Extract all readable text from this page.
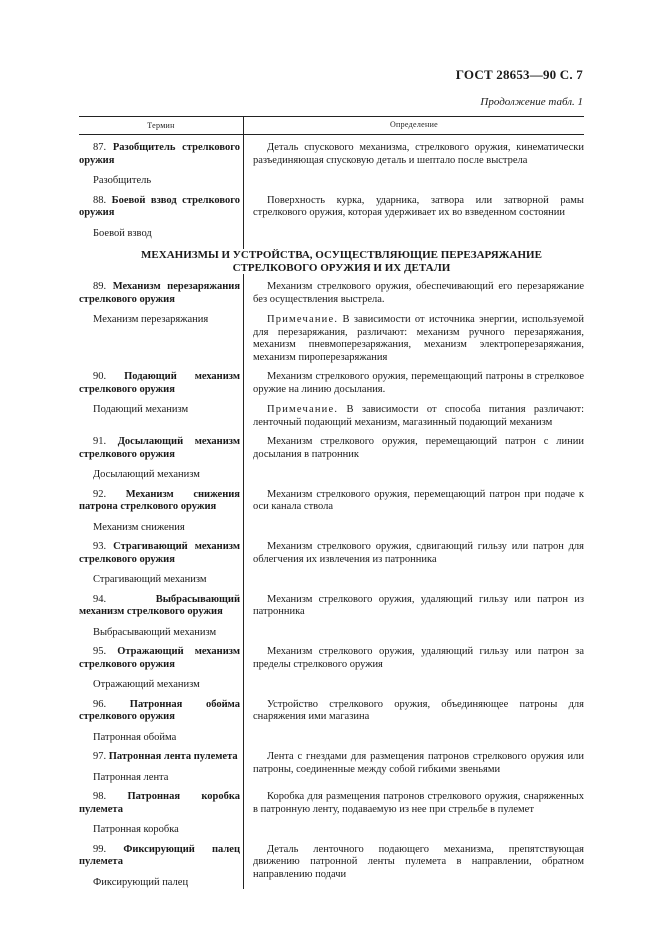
ГОСТ 28653—90 С. 7
Продолжение табл. 1
Термин	Определение
87. Разобщитель стрелкового оружия
Разобщитель

Деталь спускового механизма, стрелкового оружия, кинематически разъединяющая спусковую деталь и шептало после выстрела

88. Боевой взвод стрелкового оружия
Боевой взвод

Поверхность курка, ударника, затвора или затворной рамы стрелкового оружия, которая удерживает их во взведенном состоянии

МЕХАНИЗМЫ И УСТРОЙСТВА, ОСУЩЕСТВЛЯЮЩИЕ ПЕРЕЗАРЯЖАНИЕ СТРЕЛКОВОГО ОРУЖИЯ И ИХ ДЕТАЛИ
89. Механизм перезаряжания стрелкового оружия
Механизм перезаряжания

Механизм стрелкового оружия, обеспечивающий его перезаряжание без осуществления выстрела.

Примечание. В зависимости от источника энергии, используемой для перезаряжания, различают: механизм ручного перезаряжания, механизм пневмоперезаряжания, механизм электроперезаряжания, механизм пироперезаряжания

90. Подающий механизм стрелкового оружия
Подающий механизм

Механизм стрелкового оружия, перемещающий патроны в стрелковое оружие на линию досылания.

Примечание. В зависимости от способа питания различают: ленточный подающий механизм, магазинный подающий механизм

91. Досылающий механизм стрелкового оружия
Досылающий механизм

Механизм стрелкового оружия, перемещающий патрон с линии досылания в патронник

92. Механизм снижения патрона стрелкового оружия
Механизм снижения

Механизм стрелкового оружия, перемещающий патрон при подаче к оси канала ствола

93. Страгивающий механизм стрелкового оружия
Страгивающий механизм

Механизм стрелкового оружия, сдвигающий гильзу или патрон для облегчения их извлечения из патронника

94.	Выбрасывающий механизм стрелкового оружия
Выбрасывающий механизм

Механизм стрелкового оружия, удаляющий гильзу или патрон из патронника

95. Отражающий механизм стрелкового оружия
Отражающий механизм

Механизм стрелкового оружия, удаляющий гильзу или патрон за пределы стрелкового оружия

96. Патронная обойма стрелкового оружия
Патронная обойма

Устройство стрелкового оружия, объединяющее патроны для снаряжения ими магазина

97. Патронная лента пулемета
Патронная лента

Лента с гнездами для размещения патронов стрелкового оружия или патроны, соединенные между собой гибкими звеньями

98. Патронная коробка пулемета
Патронная коробка

Коробка для размещения патронов стрелкового оружия, снаряженных в патронную ленту, подаваемую из нее при стрельбе в пулемет

99. Фиксирующий палец пулемета
Фиксирующий палец

Деталь ленточного подающего механизма, препятствующая движению патронной ленты пулемета в направлении, обратном направлению подачи
